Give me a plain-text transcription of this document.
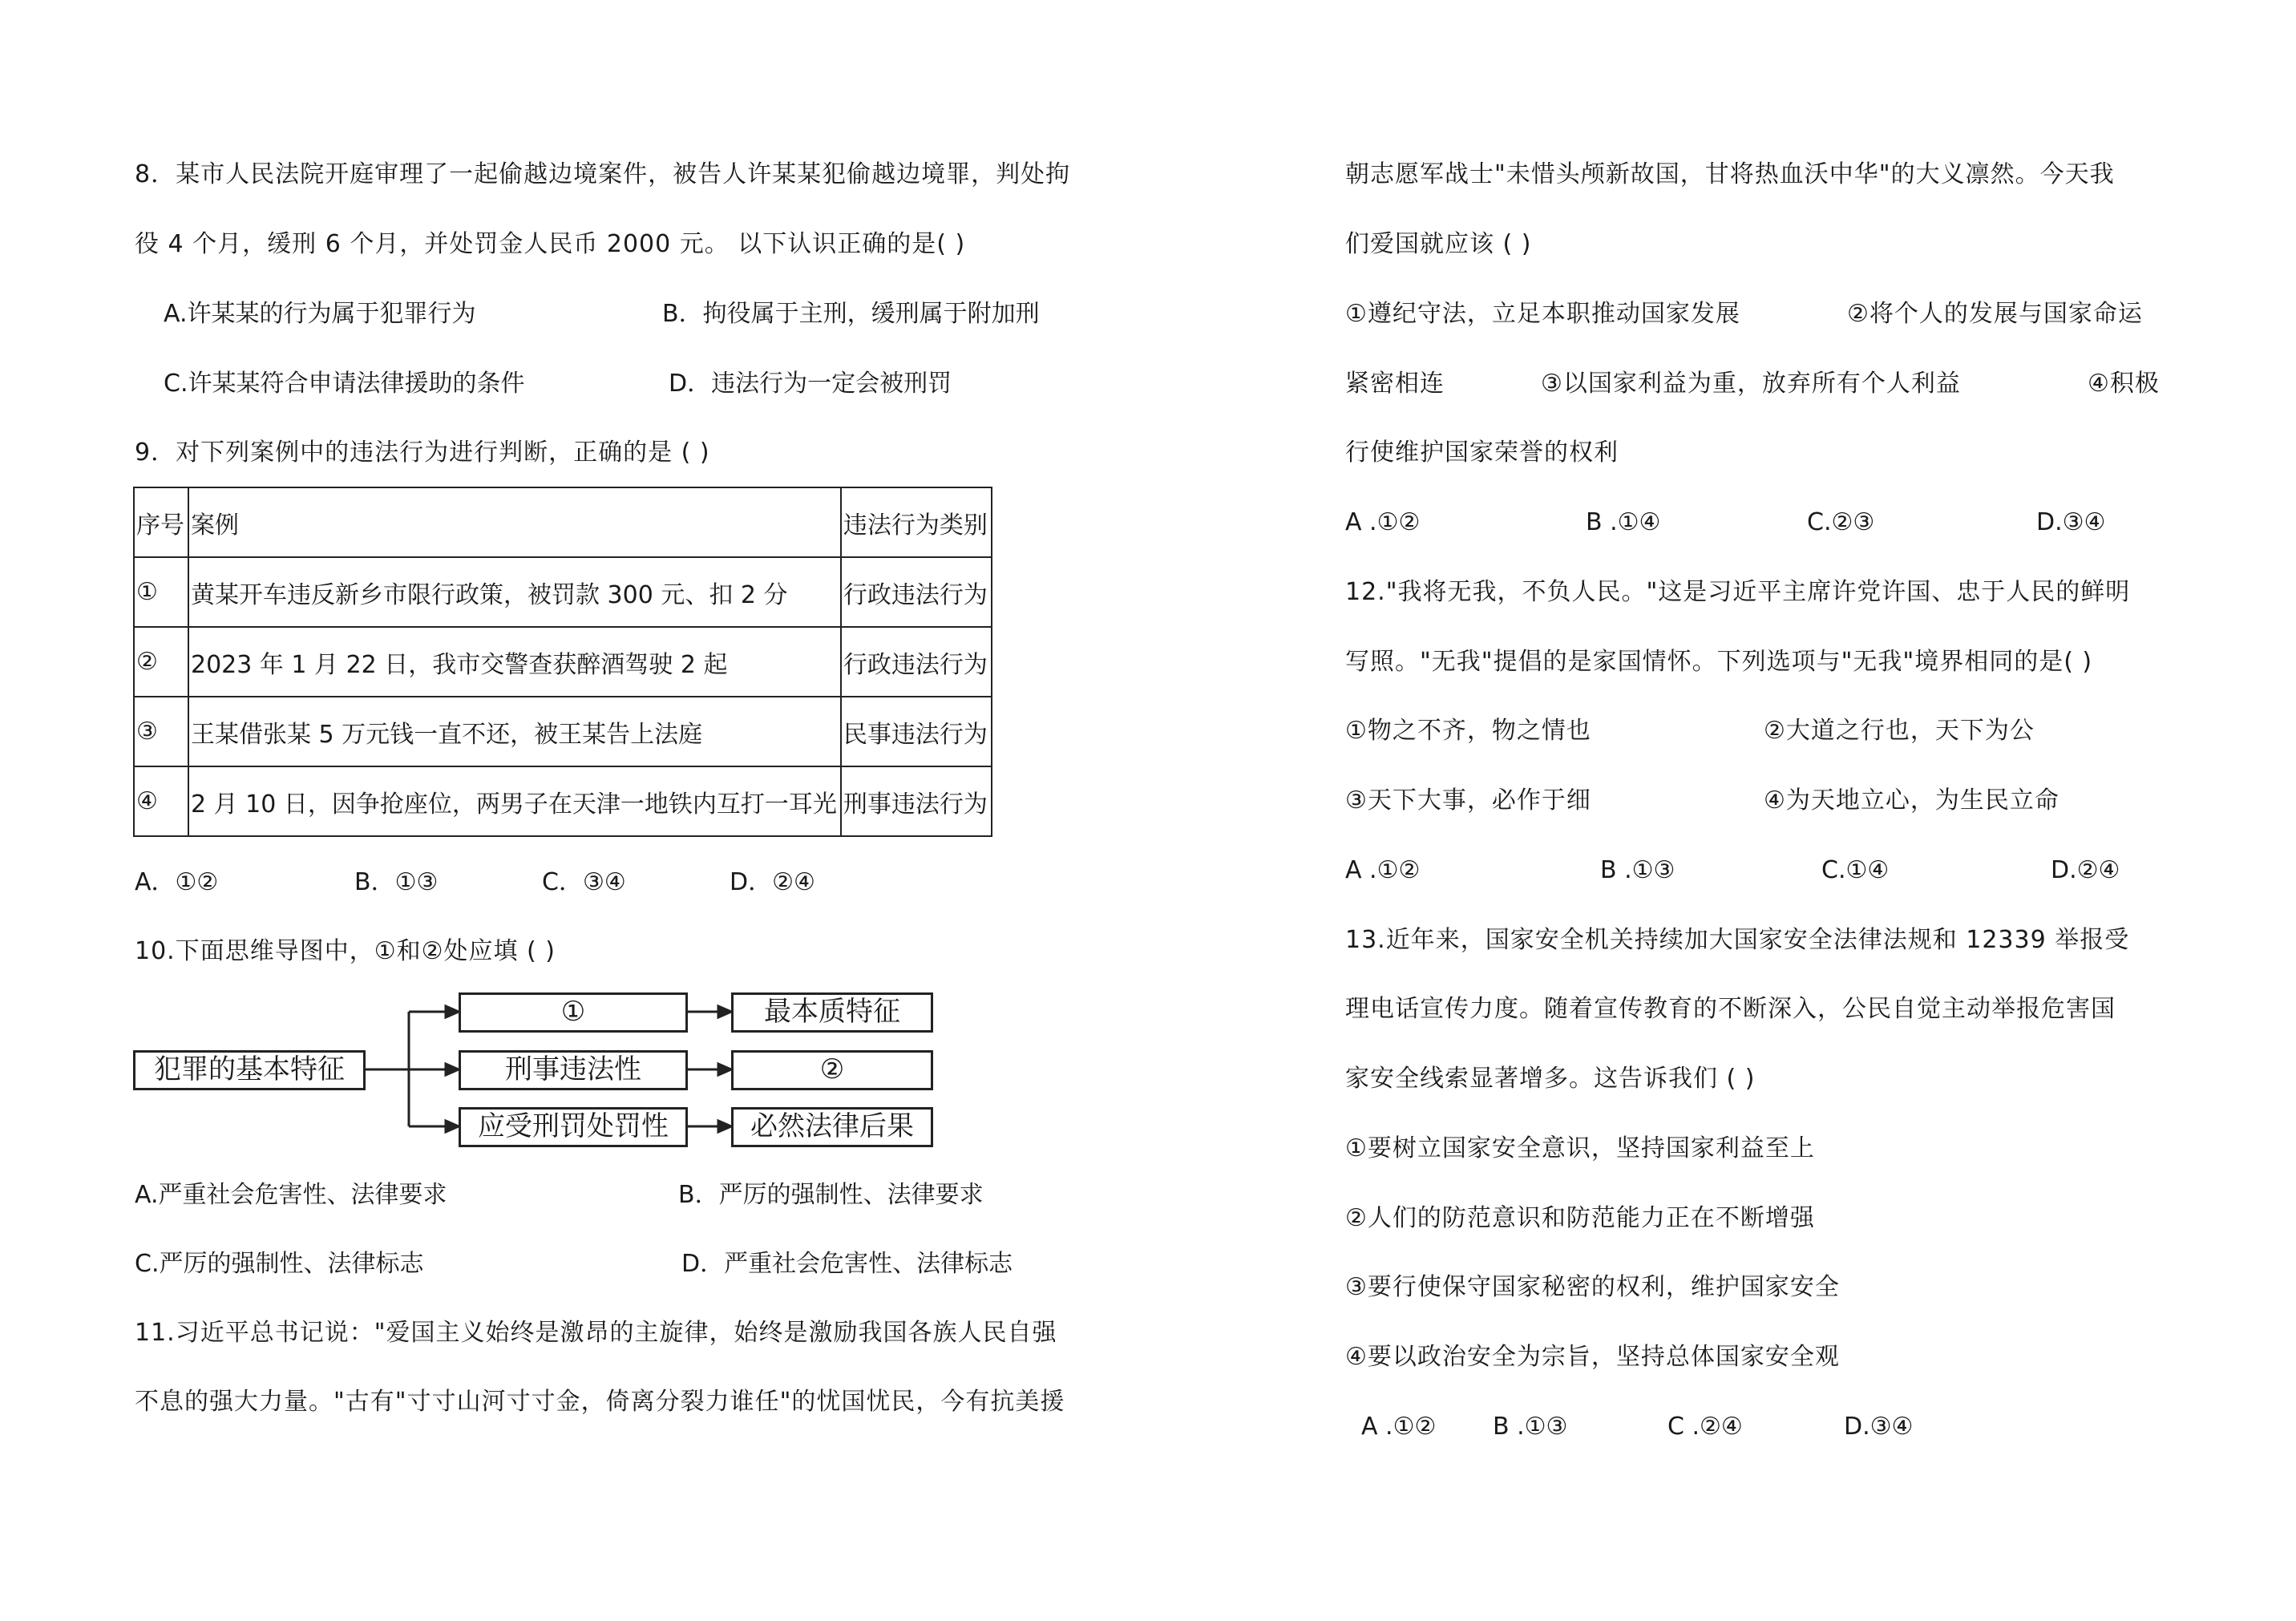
8．某市人民法院开庭审理了一起偷越边境案件，被告人许某某犯偷越边境罪，判处拘
役 4 个月，缓刑 6 个月，并处罚金人民币 2000 元。 以下认识正确的是( )
A.许某某的行为属于犯罪行为	B．拘役属于主刑，缓刑属于附加刑
C.许某某符合申请法律援助的条件	D．违法行为一定会被刑罚
9．对下列案例中的违法行为进行判断，正确的是 ( )
序号	案例	违法行为类别
①	黄某开车违反新乡市限行政策，被罚款 300 元、扣 2 分	行政违法行为
②	2023 年 1 月 22 日，我市交警查获醉酒驾驶 2 起	行政违法行为
③	王某借张某 5 万元钱一直不还，被王某告上法庭	民事违法行为
④	2 月 10 日，因争抢座位，两男子在天津一地铁内互打一耳光	刑事违法行为
A．①②	B．①③	C．③④	D．②④
10.下面思维导图中，①和②处应填 ( )
犯罪的基本特征
①	最本质特征
刑事违法性	②
应受刑罚处罚性	必然法律后果
A.严重社会危害性、法律要求	B．严厉的强制性、法律要求
C.严厉的强制性、法律标志	D．严重社会危害性、法律标志
11.习近平总书记说："爱国主义始终是激昂的主旋律，始终是激励我国各族人民自强
不息的强大力量。"古有"寸寸山河寸寸金，倚离分裂力谁任"的忧国忧民，今有抗美援
朝志愿军战士"未惜头颅新故国，甘将热血沃中华"的大义凛然。今天我
们爱国就应该 ( )
①遵纪守法，立足本职推动国家发展	②将个人的发展与国家命运
紧密相连	③以国家利益为重，放弃所有个人利益	④积极
行使维护国家荣誉的权利
A .①②	B .①④	C.②③	D.③④
12."我将无我，不负人民。"这是习近平主席许党许国、忠于人民的鲜明
写照。"无我"提倡的是家国情怀。下列选项与"无我"境界相同的是( )
①物之不齐，物之情也	②大道之行也，天下为公
③天下大事，必作于细	④为天地立心，为生民立命
A .①②	B .①③	C.①④	D.②④
13.近年来，国家安全机关持续加大国家安全法律法规和 12339 举报受
理电话宣传力度。随着宣传教育的不断深入，公民自觉主动举报危害国
家安全线索显著增多。这告诉我们 ( )
①要树立国家安全意识，坚持国家利益至上
②人们的防范意识和防范能力正在不断增强
③要行使保守国家秘密的权利，维护国家安全
④要以政治安全为宗旨，坚持总体国家安全观
A .①② B .①③	C .②④	D.③④
